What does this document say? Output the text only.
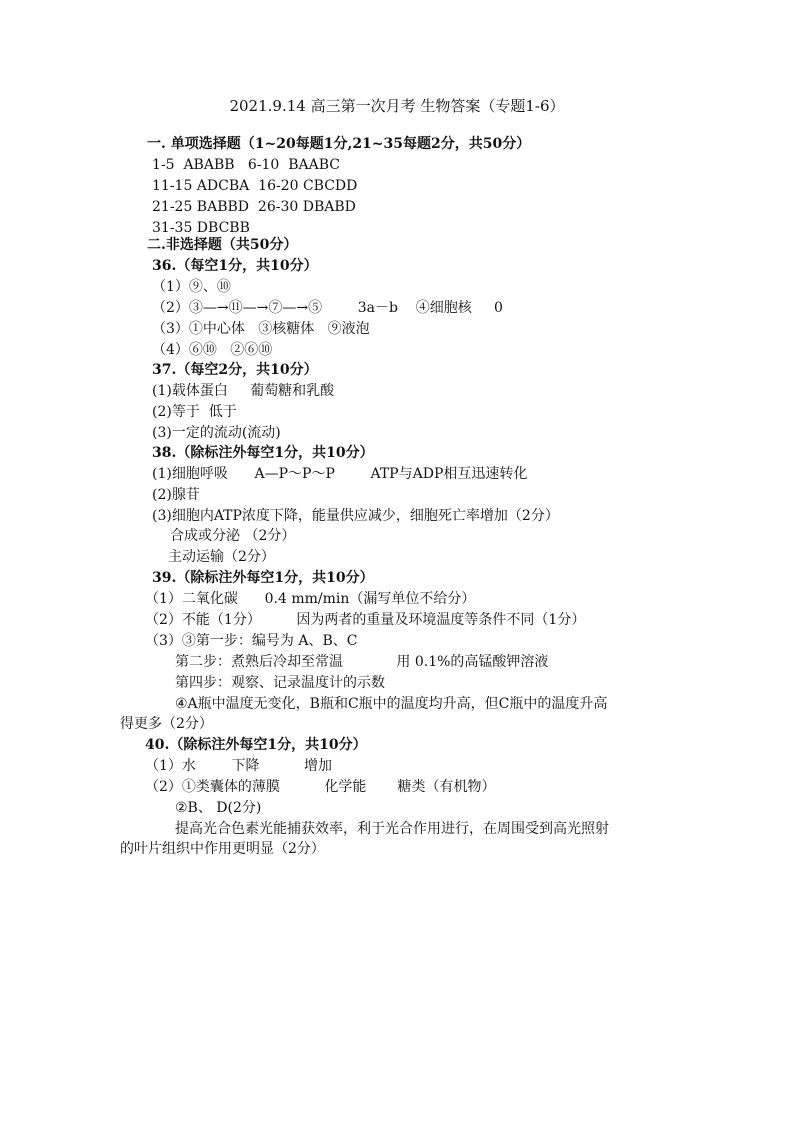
2021.9.14 高三第一次月考 生物答案（专题1-6）
一. 单项选择题（1~20每题1分,21~35每题2分，共50分）
1-5  ABABB   6-10  BAABC
11-15 ADCBA  16-20 CBCDD
21-25 BABBD  26-30 DBABD
31-35 DBCBB
二.非选择题（共50分）
36.（每空1分，共10分）
（1）⑨、⑩
（2）③—→⑪—→⑦—→⑤        3a－b    ④细胞核     0
（3）①中心体   ③核糖体   ⑨液泡
（4）⑥⑩   ②⑥⑩
37.（每空2分，共10分）
(1)载体蛋白     葡萄糖和乳酸
(2)等于  低于
(3)一定的流动(流动)
38.（除标注外每空1分，共10分）
(1)细胞呼吸      A—P～P～P        ATP与ADP相互迅速转化
(2)腺苷
(3)细胞内ATP浓度下降，能量供应减少，细胞死亡率增加（2分）
合成或分泌 （2分）
主动运输（2分）
39.（除标注外每空1分，共10分）
（1）二氧化碳      0.4 mm/min（漏写单位不给分）
（2）不能（1分）        因为两者的重量及环境温度等条件不同（1分）
（3）③第一步：编号为 A、B、C
第二步：煮熟后冷却至常温            用 0.1%的高锰酸钾溶液
第四步：观察、记录温度计的示数
④A瓶中温度无变化，B瓶和C瓶中的温度均升高，但C瓶中的温度升高
得更多（2分）
40.（除标注外每空1分，共10分）
（1）水        下降          增加
（2）①类囊体的薄膜          化学能       糖类（有机物）
②B、 D(2分)
提高光合色素光能捕获效率，利于光合作用进行，在周围受到高光照射
的叶片组织中作用更明显（2分）
